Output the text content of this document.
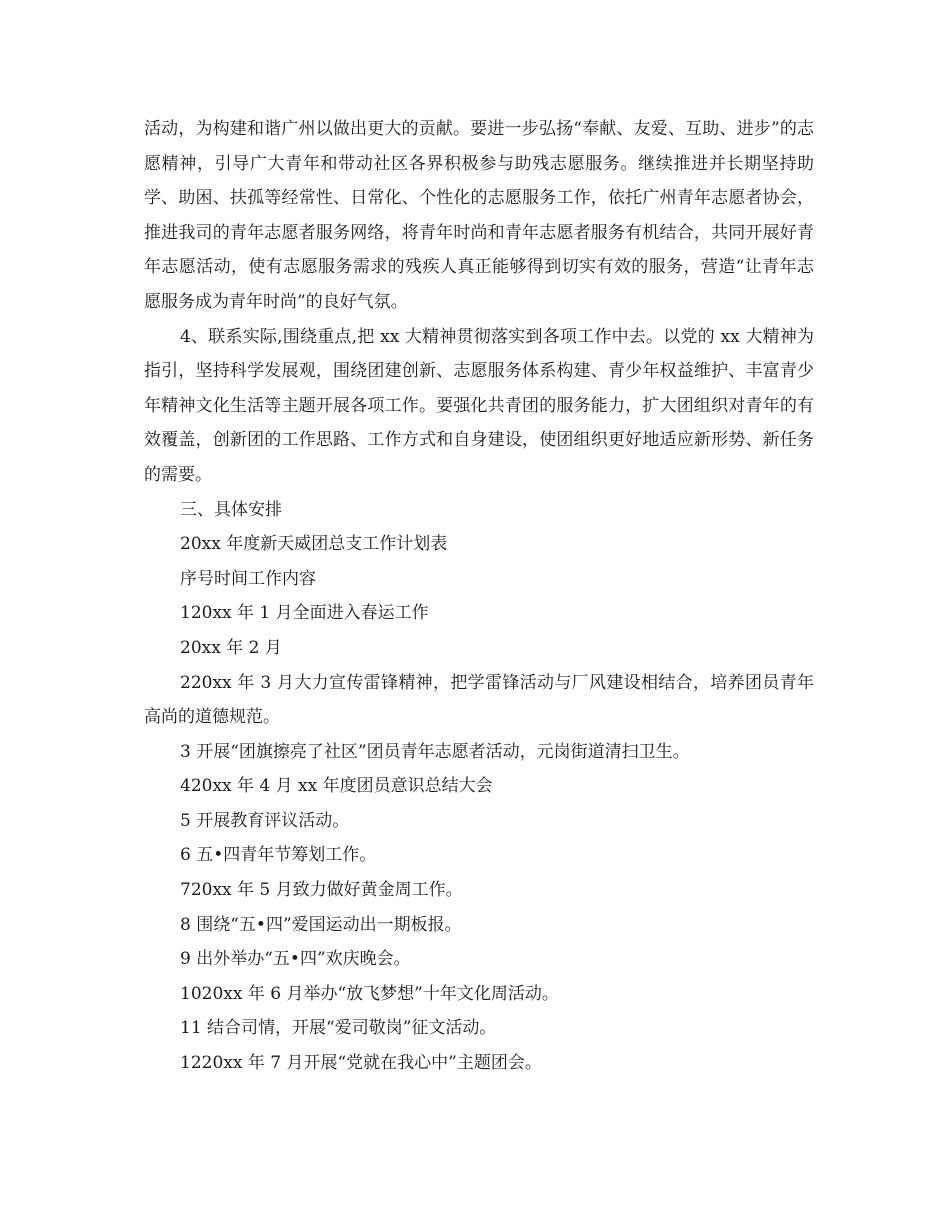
活动，为构建和谐广州以做出更大的贡献。要进一步弘扬“奉献、友爱、互助、进步”的志愿精神，引导广大青年和带动社区各界积极参与助残志愿服务。继续推进并长期坚持助学、助困、扶孤等经常性、日常化、个性化的志愿服务工作，依托广州青年志愿者协会，推进我司的青年志愿者服务网络，将青年时尚和青年志愿者服务有机结合，共同开展好青年志愿活动，使有志愿服务需求的残疾人真正能够得到切实有效的服务，营造“让青年志愿服务成为青年时尚”的良好气氛。

4、联系实际,围绕重点,把 xx 大精神贯彻落实到各项工作中去。以党的 xx 大精神为指引，坚持科学发展观，围绕团建创新、志愿服务体系构建、青少年权益维护、丰富青少年精神文化生活等主题开展各项工作。要强化共青团的服务能力，扩大团组织对青年的有效覆盖，创新团的工作思路、工作方式和自身建设，使团组织更好地适应新形势、新任务的需要。

三、具体安排

20xx 年度新天威团总支工作计划表

序号时间工作内容

120xx 年 1 月全面进入春运工作

20xx 年 2 月

220xx 年 3 月大力宣传雷锋精神，把学雷锋活动与厂风建设相结合，培养团员青年高尚的道德规范。

3 开展“团旗擦亮了社区”团员青年志愿者活动，元岗街道清扫卫生。

420xx 年 4 月 xx 年度团员意识总结大会

5 开展教育评议活动。

6 五•四青年节筹划工作。

720xx 年 5 月致力做好黄金周工作。

8 围绕“五•四”爱国运动出一期板报。

9 出外举办“五•四”欢庆晚会。

1020xx 年 6 月举办“放飞梦想”十年文化周活动。

11 结合司情，开展“爱司敬岗”征文活动。

1220xx 年 7 月开展“党就在我心中”主题团会。
